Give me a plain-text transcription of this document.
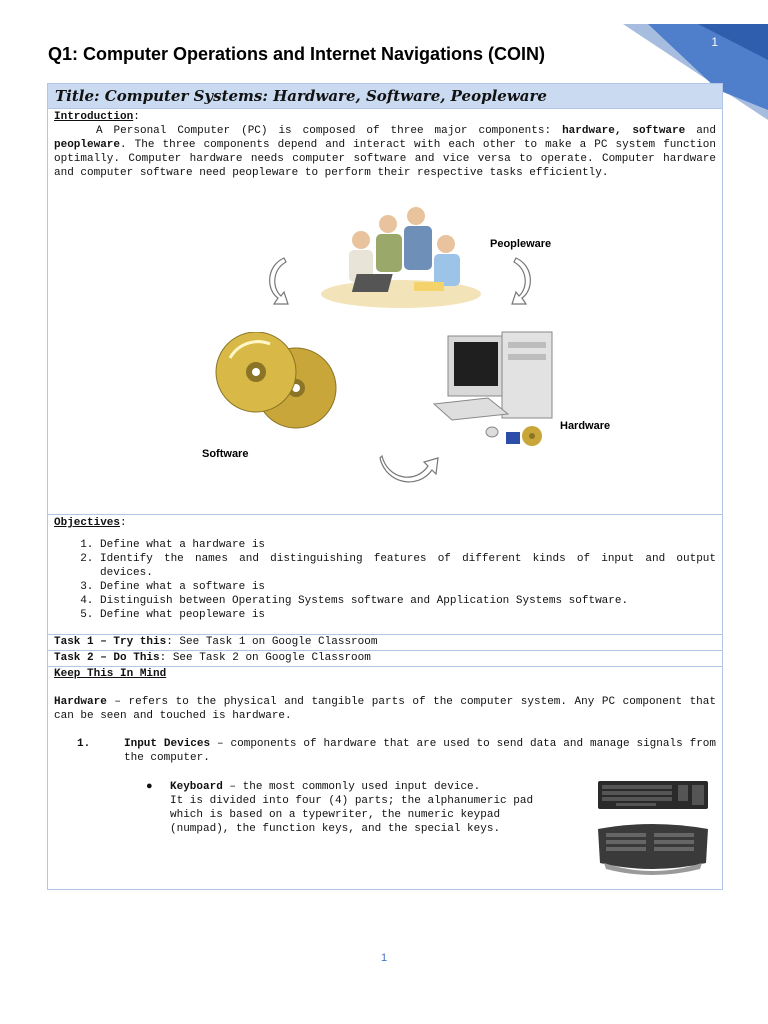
1
Q1: Computer Operations and Internet Navigations (COIN)
Title: Computer Systems: Hardware, Software, Peopleware
Introduction:

A Personal Computer (PC) is composed of three major components: hardware, software and peopleware. The three components depend and interact with each other to make a PC system function optimally. Computer hardware needs computer software and vice versa to operate. Computer hardware and computer software need peopleware to perform their respective tasks efficiently.

Peopleware
Software
Hardware
Objectives:
1. Define what a hardware is
2. Identify the names and distinguishing features of different kinds of input and output devices.
3. Define what a software is
4. Distinguish between Operating Systems software and Application Systems software.
5. Define what peopleware is
Task 1 – Try this: See Task 1 on Google Classroom
Task 2 – Do This: See Task 2 on Google Classroom
Keep This In Mind

Hardware – refers to the physical and tangible parts of the computer system. Any PC component that can be seen and touched is hardware.

1.	Input Devices – components of hardware that are used to send data and manage signals from the computer.

● Keyboard – the most commonly used input device.
It is divided into four (4) parts; the alphanumeric pad which is based on a typewriter, the numeric keypad (numpad), the function keys, and the special keys.

1
